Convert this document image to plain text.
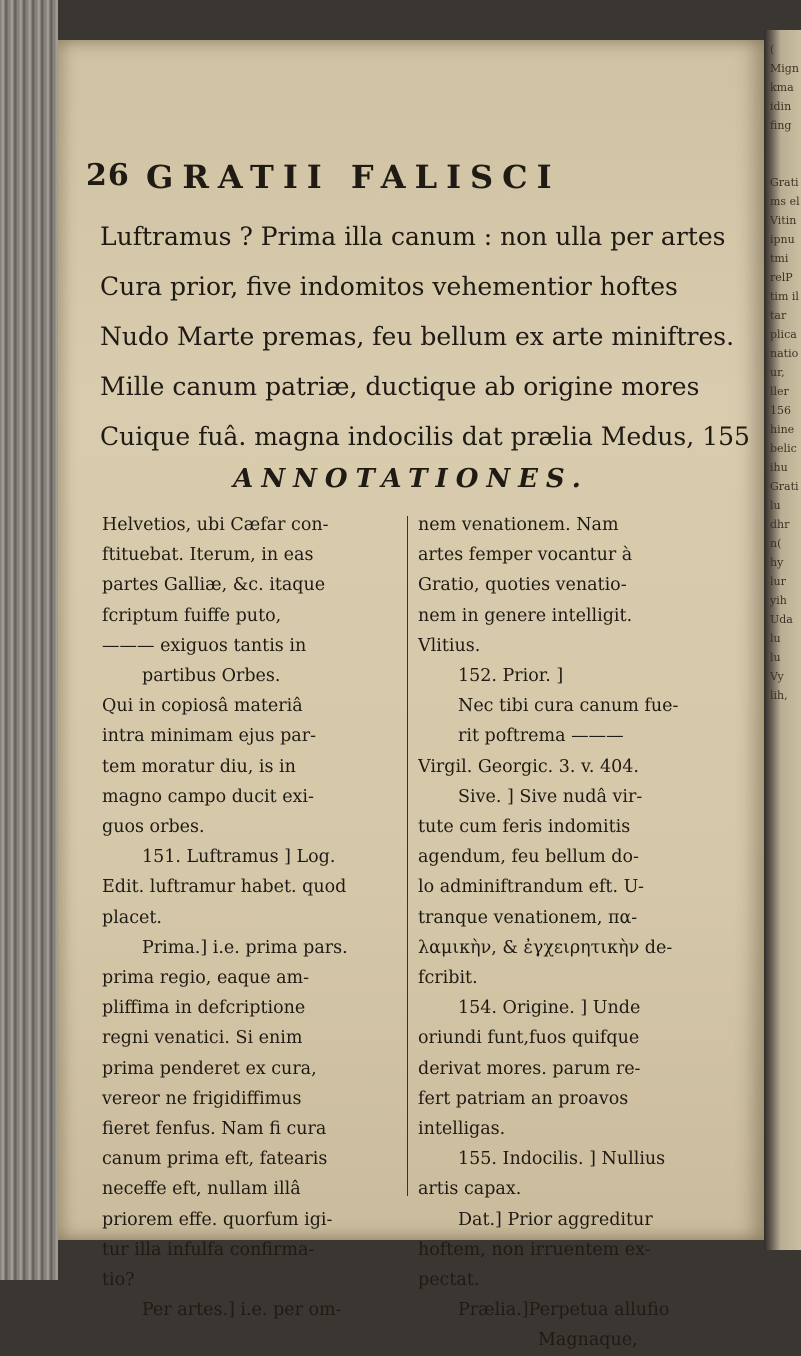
26 GRATII FALISCI
Luftramus ? Prima illa canum : non ulla per artes
Cura prior, five indomitos vehementior hoftes
Nudo Marte premas, feu bellum ex arte miniftres.
Mille canum patriæ, ductique ab origine mores
Cuique fuâ. magna indocilis dat prælia Medus, 155
ANNOTATIONES.
Helvetios, ubi Cæfar con-
ftituebat. Iterum, in eas
partes Galliæ, &c. itaque
fcriptum fuiffe puto,
——— exiguos tantis in
partibus Orbes.
Qui in copiosâ materiâ
intra minimam ejus par-
tem moratur diu, is in
magno campo ducit exi-
guos orbes.
151. Luftramus ] Log.
Edit. luftramur habet. quod
placet.
Prima.] i.e. prima pars.
prima regio, eaque am-
pliffima in defcriptione
regni venatici. Si enim
prima penderet ex cura,
vereor ne frigidiffimus
fieret fenfus. Nam fi cura
canum prima eft, fatearis
neceffe eft, nullam illâ
priorem effe. quorfum igi-
tur illa infulfa confirma-
tio?
Per artes.] i.e. per om-
nem venationem. Nam
artes femper vocantur à
Gratio, quoties venatio-
nem in genere intelligit.
Vlitius.
152. Prior. ]
Nec tibi cura canum fue-
rit poftrema ———
Virgil. Georgic. 3. v. 404.
Sive. ] Sive nudâ vir-
tute cum feris indomitis
agendum, feu bellum do-
lo adminiftrandum eft. U-
tranque venationem, πα-
λαμικὴν, & ἐγχειρητικὴν de-
fcribit.
154. Origine. ] Unde
oriundi funt,fuos quifque
derivat mores. parum re-
fert patriam an proavos
intelligas.
155. Indocilis. ] Nullius
artis capax.
Dat.] Prior aggreditur
hoftem, non irruentem ex-
pectat.
Prælia.]Perpetua allufio
Magnaque,
(
Mign
kma
idin
fing

Grati
ms el
Vitin
ipnu
tmi
relP
tim il
tar
plica
natio
ur,
ller
156
hine
belic
ihu
Grati
lu
dhr
n(
hy
lur
yih
Uda
lu
lu
Vy
lih,
